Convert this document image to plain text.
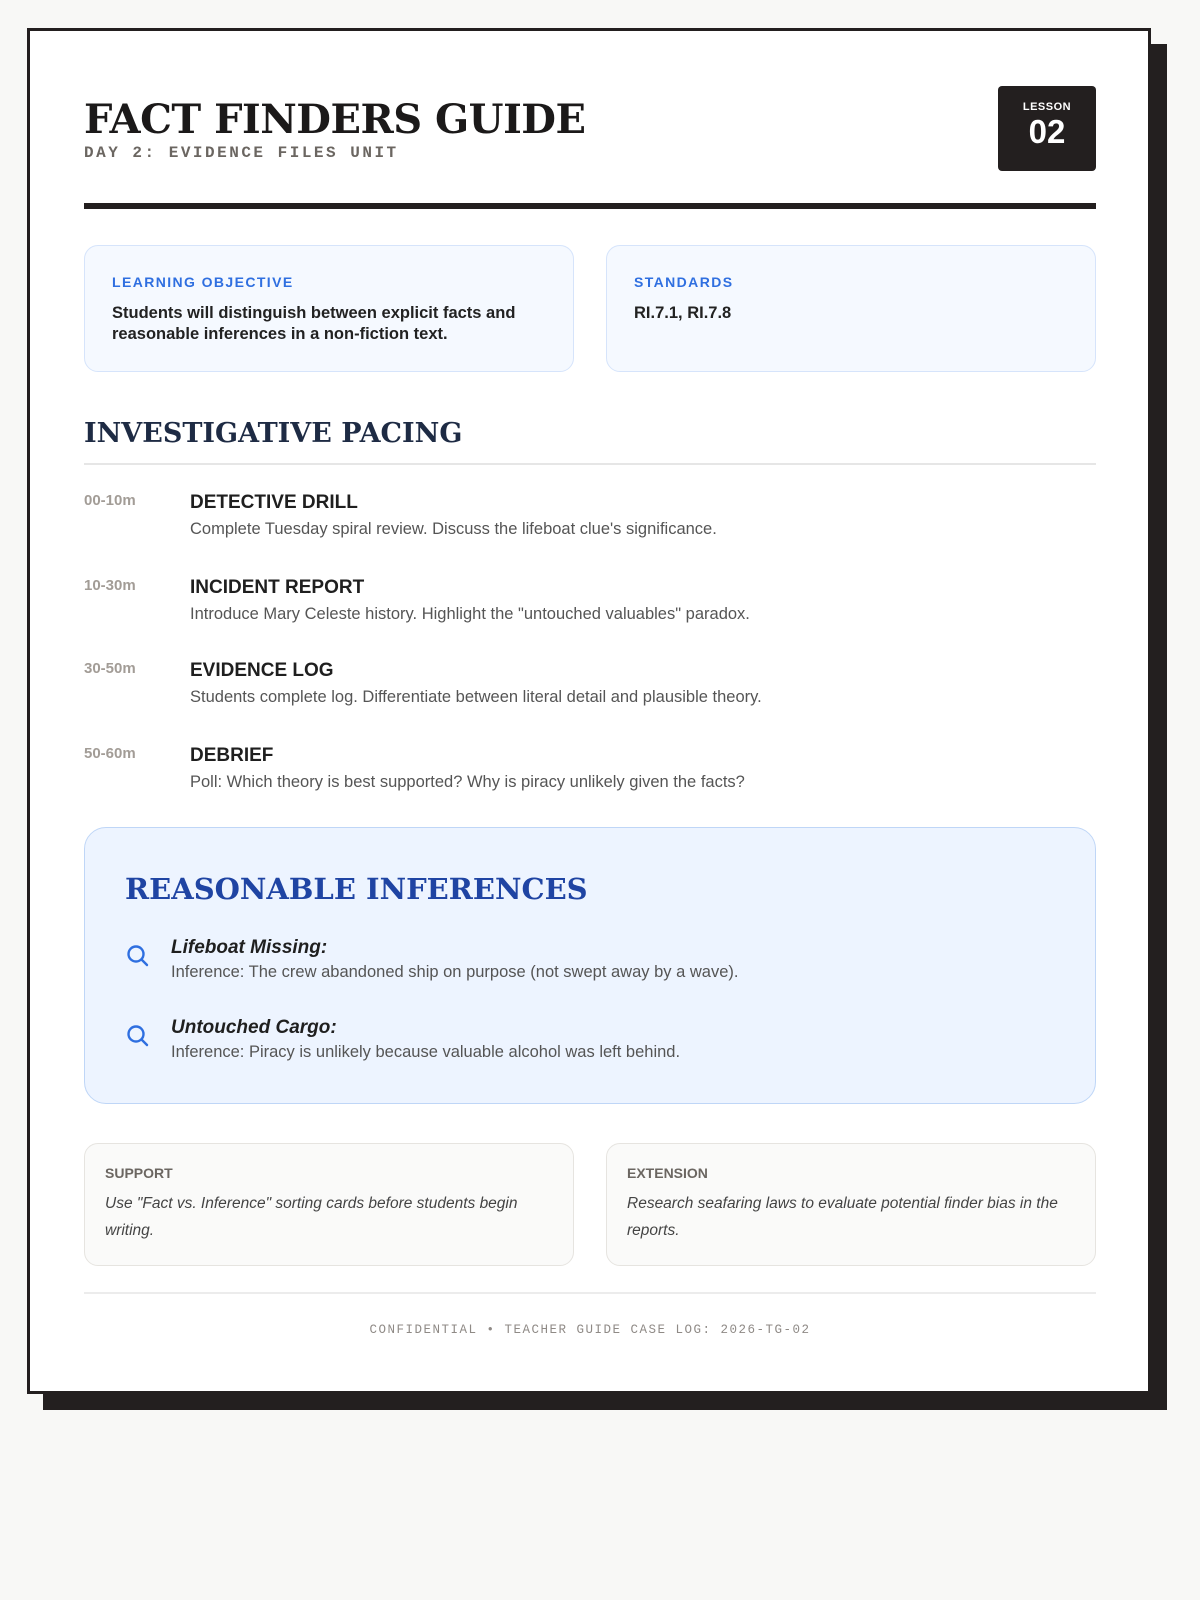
FACT FINDERS GUIDE
DAY 2: EVIDENCE FILES UNIT
LESSON
02
LEARNING OBJECTIVE
Students will distinguish between explicit facts and reasonable inferences in a non-fiction text.
STANDARDS
RI.7.1, RI.7.8
INVESTIGATIVE PACING
00-10m	DETECTIVE DRILL
Complete Tuesday spiral review. Discuss the lifeboat clue's significance.
10-30m	INCIDENT REPORT
Introduce Mary Celeste history. Highlight the "untouched valuables" paradox.
30-50m	EVIDENCE LOG
Students complete log. Differentiate between literal detail and plausible theory.
50-60m	DEBRIEF
Poll: Which theory is best supported? Why is piracy unlikely given the facts?
REASONABLE INFERENCES
Lifeboat Missing:
Inference: The crew abandoned ship on purpose (not swept away by a wave).
Untouched Cargo:
Inference: Piracy is unlikely because valuable alcohol was left behind.
SUPPORT
Use "Fact vs. Inference" sorting cards before students begin writing.
EXTENSION
Research seafaring laws to evaluate potential finder bias in the reports.
CONFIDENTIAL • TEACHER GUIDE CASE LOG: 2026-TG-02
